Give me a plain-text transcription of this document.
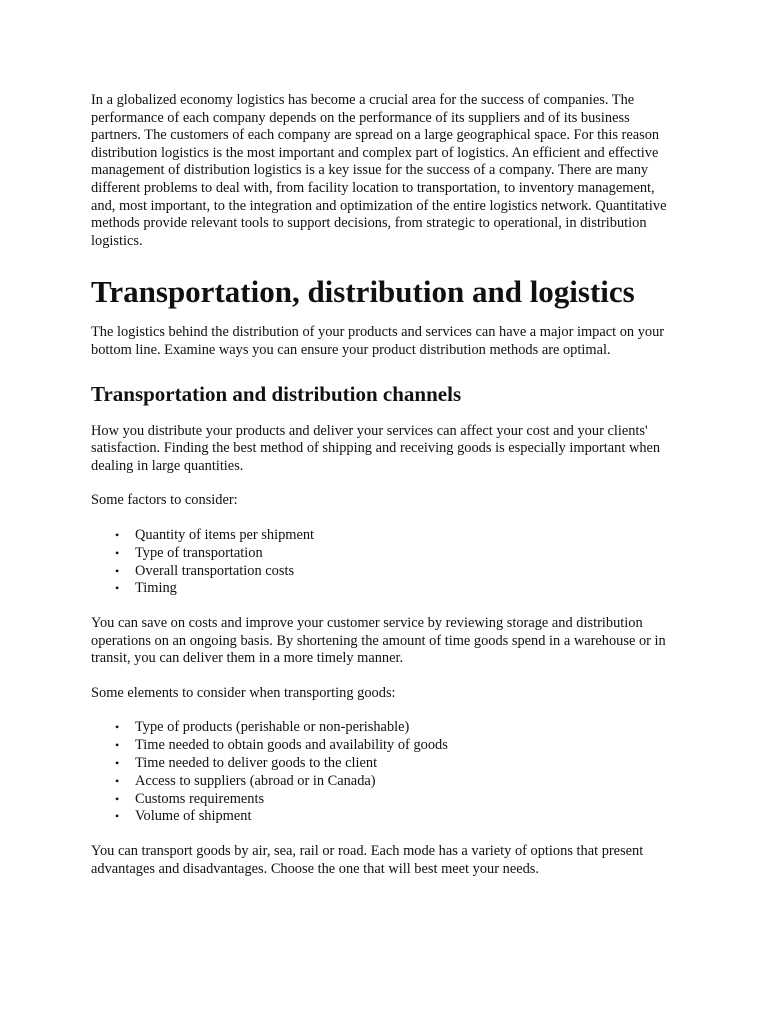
In a globalized economy logistics has become a crucial area for the success of companies. The performance of each company depends on the performance of its suppliers and of its business partners. The customers of each company are spread on a large geographical space. For this reason distribution logistics is the most important and complex part of logistics. An efficient and effective management of distribution logistics is a key issue for the success of a company. There are many different problems to deal with, from facility location to transportation, to inventory management, and, most important, to the integration and optimization of the entire logistics network. Quantitative methods provide relevant tools to support decisions, from strategic to operational, in distribution logistics.

Transportation, distribution and logistics

The logistics behind the distribution of your products and services can have a major impact on your bottom line. Examine ways you can ensure your product distribution methods are optimal.

Transportation and distribution channels

How you distribute your products and deliver your services can affect your cost and your clients' satisfaction. Finding the best method of shipping and receiving goods is especially important when dealing in large quantities.

Some factors to consider:

• Quantity of items per shipment
• Type of transportation
• Overall transportation costs
• Timing

You can save on costs and improve your customer service by reviewing storage and distribution operations on an ongoing basis. By shortening the amount of time goods spend in a warehouse or in transit, you can deliver them in a more timely manner.

Some elements to consider when transporting goods:

• Type of products (perishable or non-perishable)
• Time needed to obtain goods and availability of goods
• Time needed to deliver goods to the client
• Access to suppliers (abroad or in Canada)
• Customs requirements
• Volume of shipment

You can transport goods by air, sea, rail or road. Each mode has a variety of options that present advantages and disadvantages. Choose the one that will best meet your needs.
